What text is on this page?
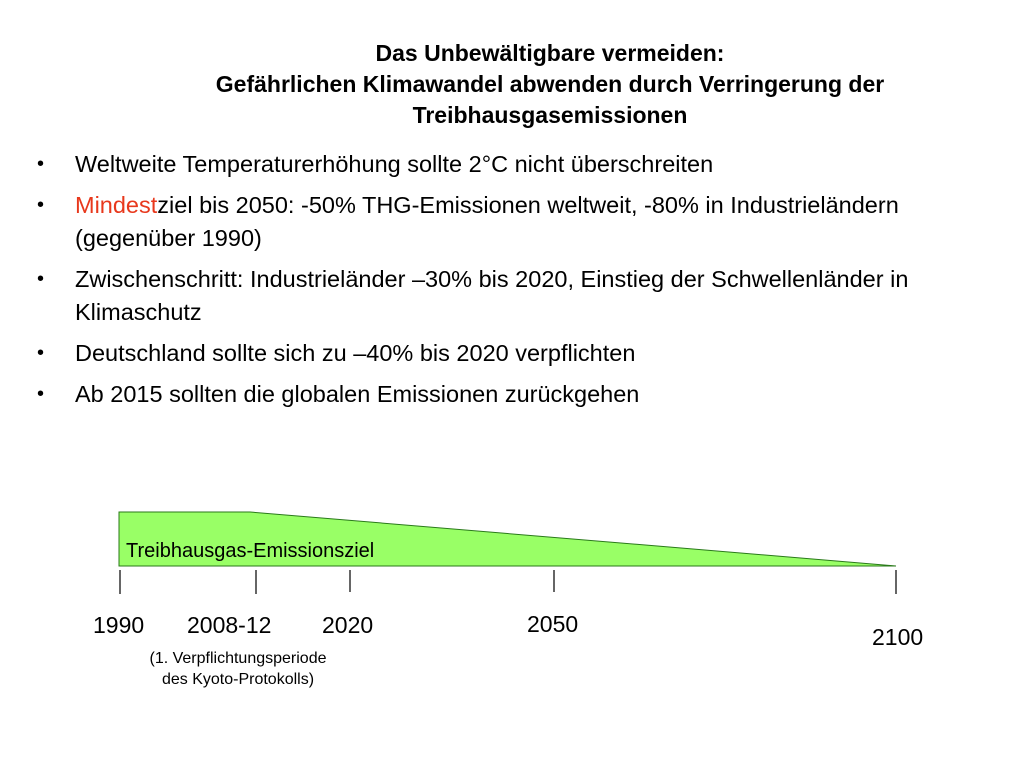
Das Unbewältigbare vermeiden:
Gefährlichen Klimawandel abwenden durch Verringerung der
Treibhausgasemissionen
• Weltweite Temperaturerhöhung sollte 2°C nicht überschreiten
• Mindestziel bis 2050: -50% THG-Emissionen weltweit, -80% in Industrieländern (gegenüber 1990)
• Zwischenschritt: Industrieländer –30% bis 2020, Einstieg der Schwellenländer in Klimaschutz
• Deutschland sollte sich zu –40% bis 2020 verpflichten
• Ab 2015 sollten die globalen Emissionen zurückgehen
Treibhausgas-Emissionsziel
1990 2008-12 2020	2050	2100
(1. Verpflichtungsperiode
des Kyoto-Protokolls)
